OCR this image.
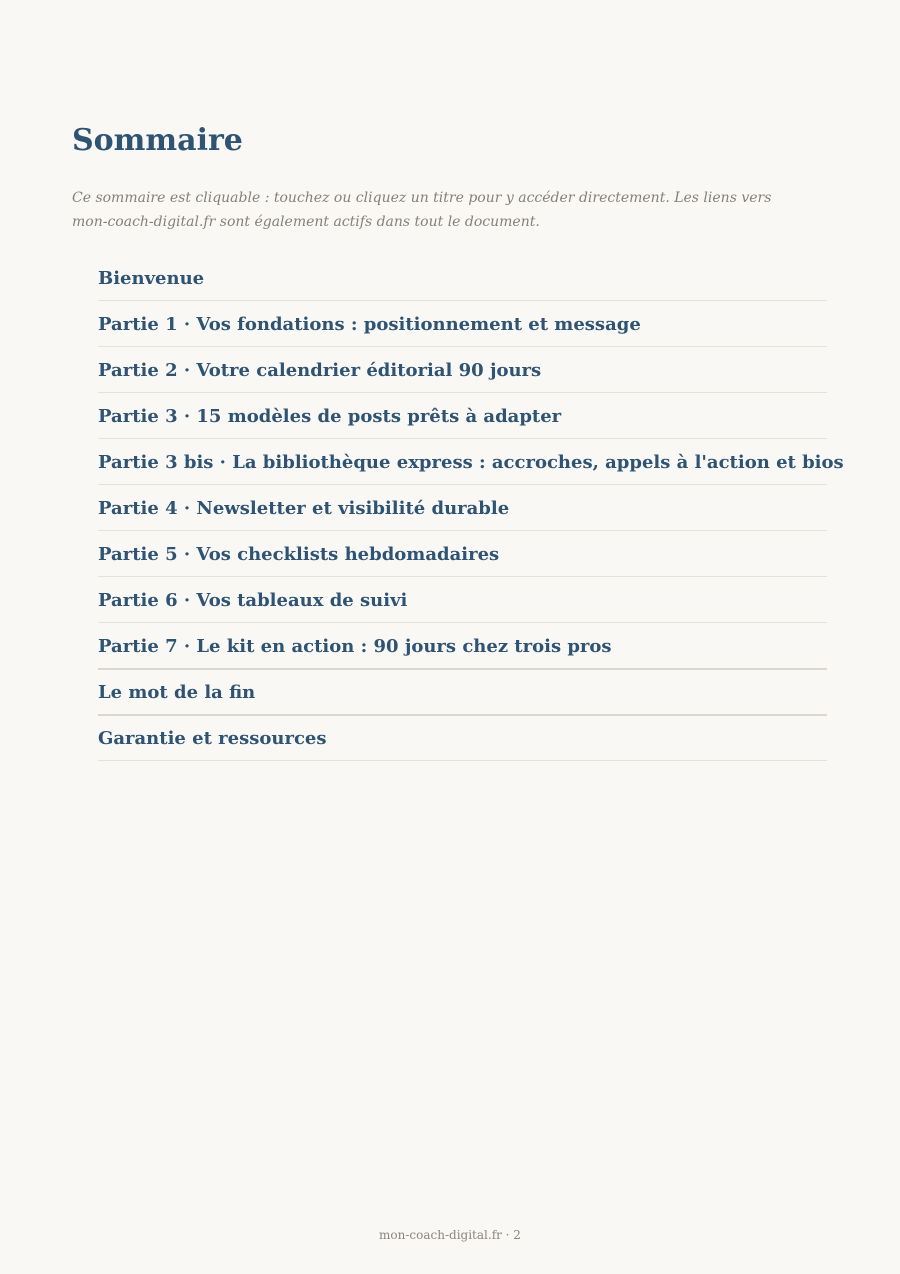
Sommaire

Ce sommaire est cliquable : touchez ou cliquez un titre pour y accéder directement. Les liens vers mon-coach-digital.fr sont également actifs dans tout le document.

Bienvenue
Partie 1 · Vos fondations : positionnement et message
Partie 2 · Votre calendrier éditorial 90 jours
Partie 3 · 15 modèles de posts prêts à adapter
Partie 3 bis · La bibliothèque express : accroches, appels à l'action et bios
Partie 4 · Newsletter et visibilité durable
Partie 5 · Vos checklists hebdomadaires
Partie 6 · Vos tableaux de suivi
Partie 7 · Le kit en action : 90 jours chez trois pros
Le mot de la fin
Garantie et ressources
mon-coach-digital.fr · 2
